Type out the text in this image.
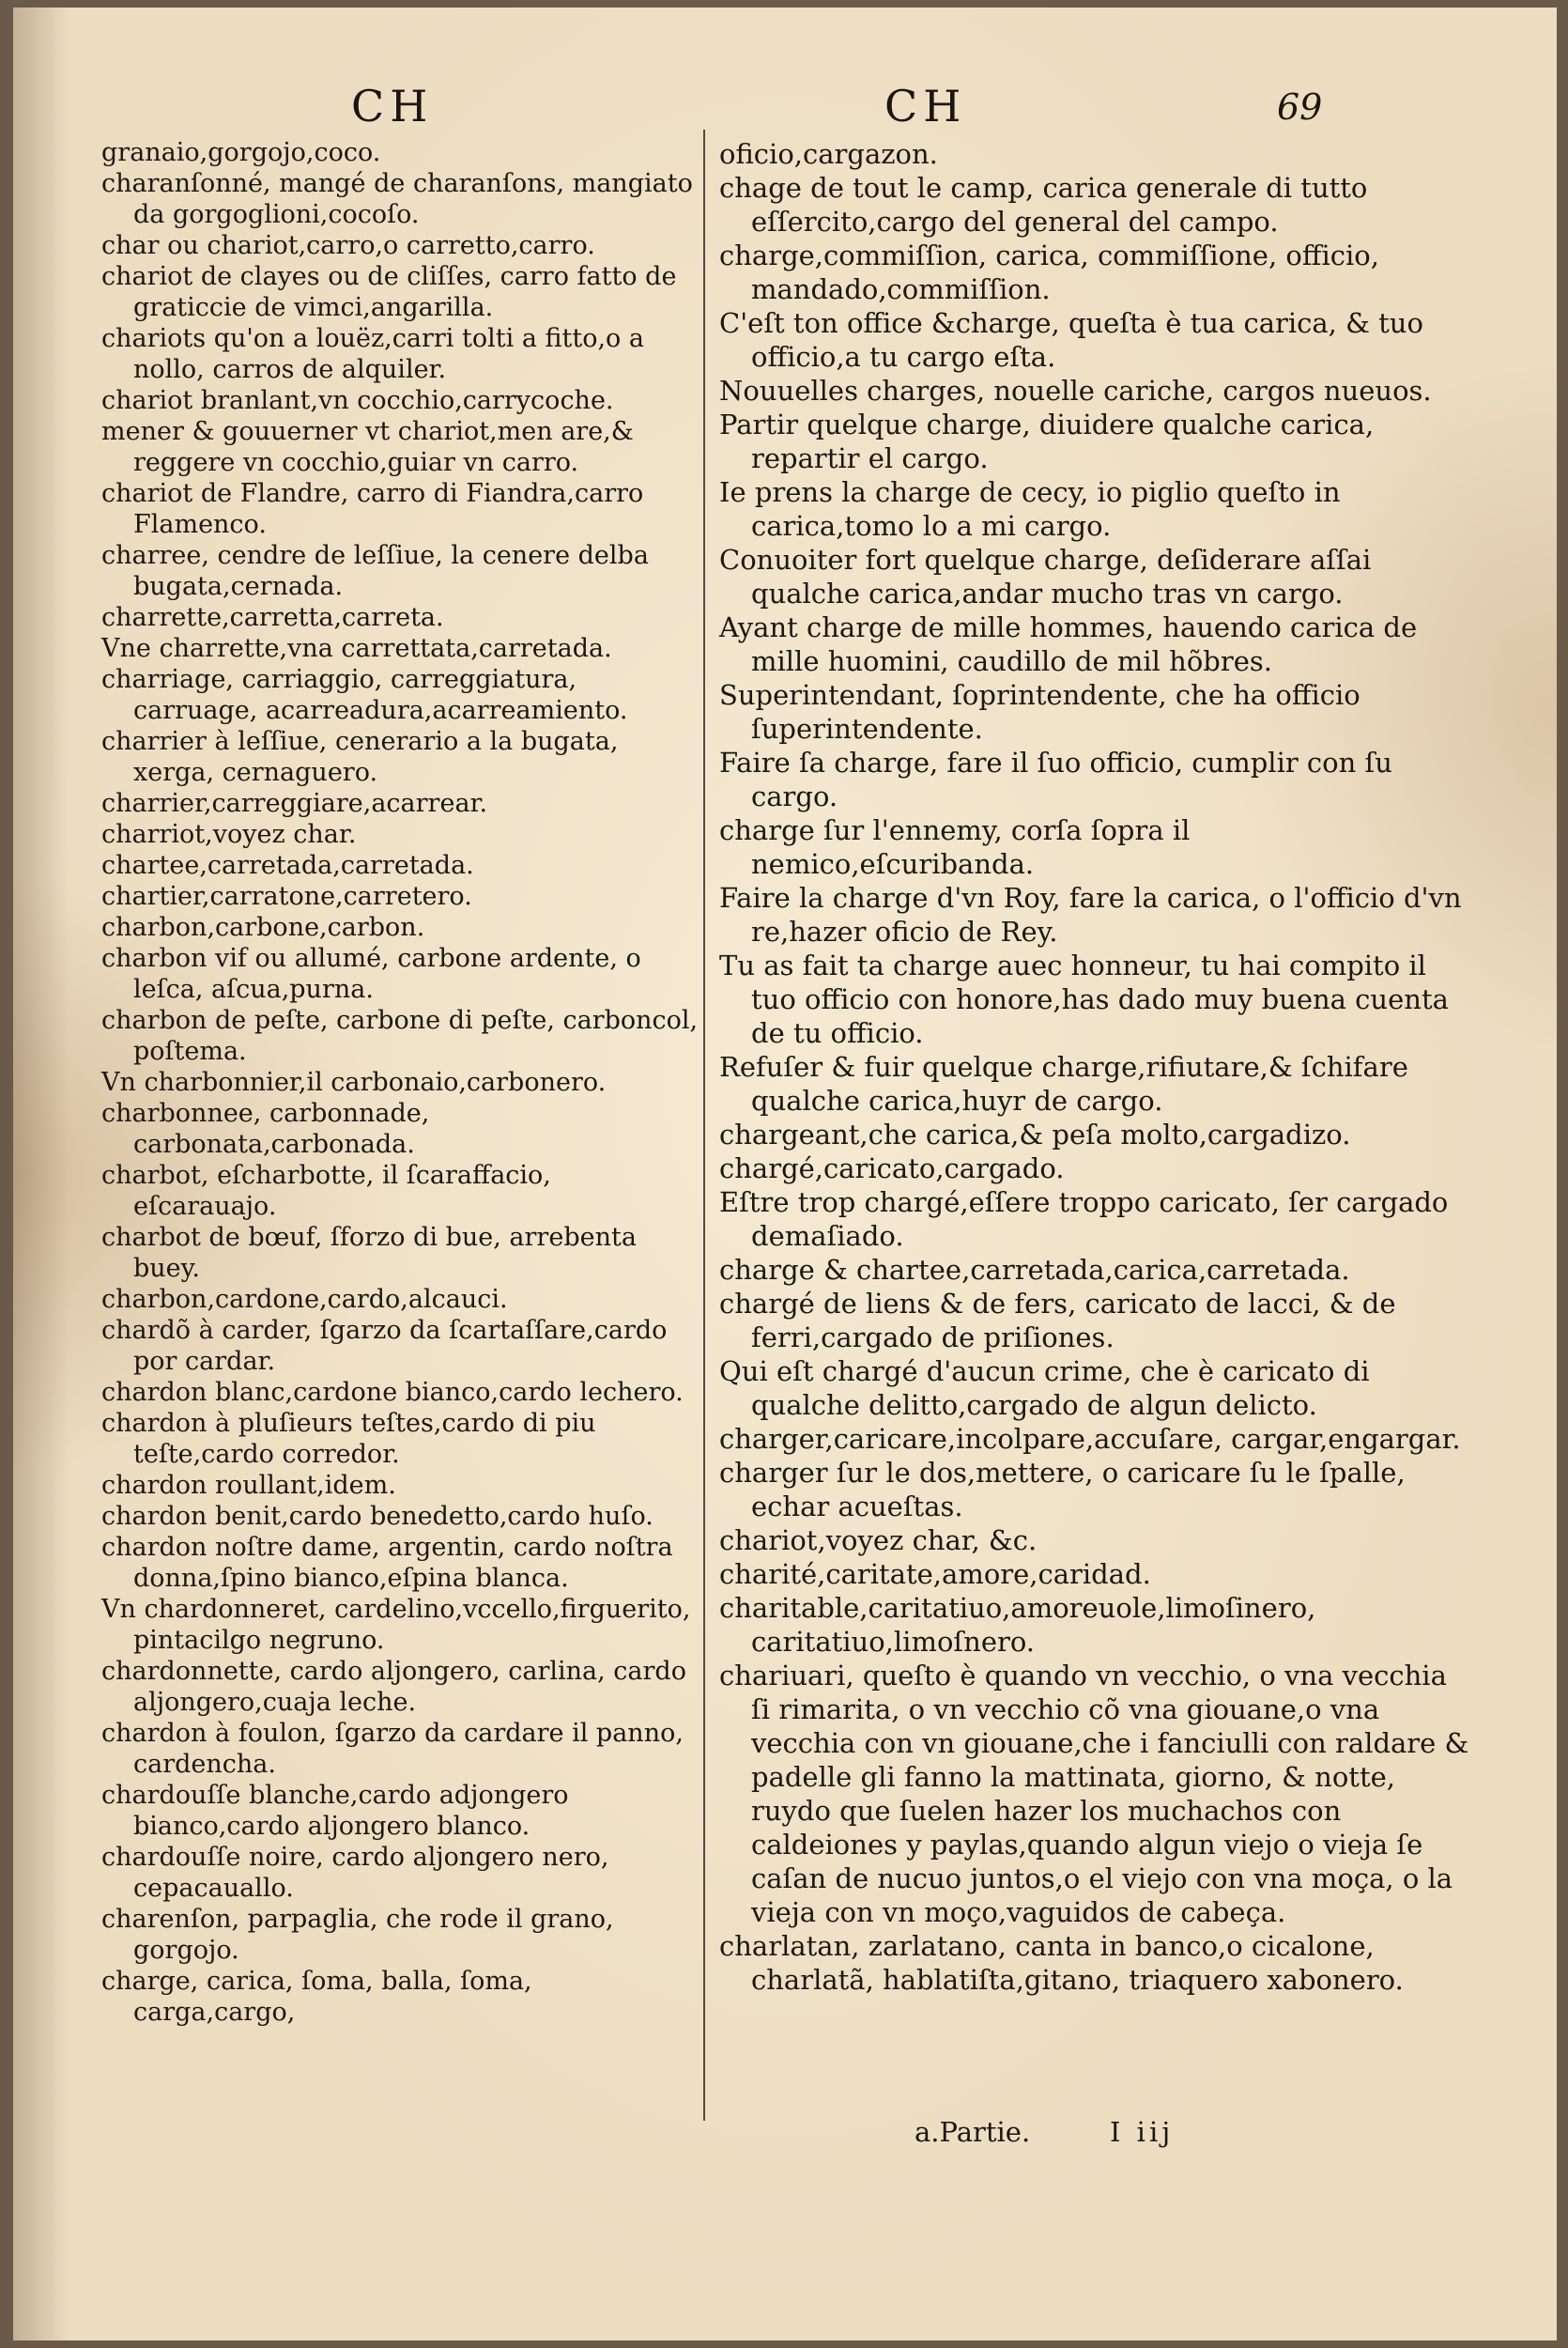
CH	CH	69

granaio,gorgojo,coco.

charanſonné, mangé de charanſons, mangiato da gorgoglioni,cocoſo.

char ou chariot,carro,o carretto,carro.

chariot de clayes ou de cliſſes, carro fatto de graticcie de vimci,angarilla.

chariots qu'on a louëz,carri tolti a fitto,o a nollo, carros de alquiler.

chariot branlant,vn cocchio,carrycoche.

mener & gouuerner vt chariot,men are,& reggere vn cocchio,guiar vn carro.

chariot de Flandre, carro di Fiandra,carro Flamenco.

charree, cendre de leſſiue, la cenere delba bugata,cernada.

charrette,carretta,carreta.

Vne charrette,vna carrettata,carretada.

charriage, carriaggio, carreggiatura, carruage, acarreadura,acarreamiento.

charrier à leſſiue, cenerario a la bugata, xerga, cernaguero.

charrier,carreggiare,acarrear.

charriot,voyez char.

chartee,carretada,carretada.

chartier,carratone,carretero.

charbon,carbone,carbon.

charbon vif ou allumé, carbone ardente, o leſca, aſcua,purna.

charbon de peſte, carbone di peſte, carboncol, poſtema.

Vn charbonnier,il carbonaio,carbonero.

charbonnee, carbonnade, carbonata,carbonada.

charbot, eſcharbotte, il ſcaraffacio, eſcarauajo.

charbot de bœuf, ſforzo di bue, arrebenta buey.

charbon,cardone,cardo,alcauci.

chardõ à carder, ſgarzo da ſcartaſſare,cardo por cardar.

chardon blanc,cardone bianco,cardo lechero.

chardon à pluſieurs teſtes,cardo di piu teſte,cardo corredor.

chardon roullant,idem.

chardon benit,cardo benedetto,cardo huſo.

chardon noſtre dame, argentin, cardo noſtra donna,ſpino bianco,eſpina blanca.

Vn chardonneret, cardelino,vccello,firguerito, pintacilgo negruno.

chardonnette, cardo aljongero, carlina, cardo aljongero,cuaja leche.

chardon à foulon, ſgarzo da cardare il panno, cardencha.

chardouſſe blanche,cardo adjongero bianco,cardo aljongero blanco.

chardouſſe noire, cardo aljongero nero, cepacauallo.

charenſon, parpaglia, che rode il grano, gorgojo.

charge, carica, ſoma, balla, ſoma, carga,cargo,

oficio,cargazon.

chage de tout le camp, carica generale di tutto eſſercito,cargo del general del campo.

charge,commiſſion, carica, commiſſione, officio, mandado,commiſſion.

C'eſt ton office &charge, queſta è tua carica, & tuo officio,a tu cargo eſta.

Nouuelles charges, nouelle cariche, cargos nueuos.

Partir quelque charge, diuidere qualche carica, repartir el cargo.

Ie prens la charge de cecy, io piglio queſto in carica,tomo lo a mi cargo.

Conuoiter fort quelque charge, deſiderare aſſai qualche carica,andar mucho tras vn cargo.

Ayant charge de mille hommes, hauendo carica de mille huomini, caudillo de mil hõbres.

Superintendant, ſoprintendente, che ha officio ſuperintendente.

Faire ſa charge, fare il ſuo officio, cumplir con ſu cargo.

charge ſur l'ennemy, corſa ſopra il nemico,eſcuribanda.

Faire la charge d'vn Roy, fare la carica, o l'officio d'vn re,hazer oficio de Rey.

Tu as fait ta charge auec honneur, tu hai compito il tuo officio con honore,has dado muy buena cuenta de tu officio.

Refuſer & fuir quelque charge,rifiutare,& ſchifare qualche carica,huyr de cargo.

chargeant,che carica,& peſa molto,cargadizo.

chargé,caricato,cargado.

Eſtre trop chargé,eſſere troppo caricato, ſer cargado demaſiado.

charge & chartee,carretada,carica,carretada.

chargé de liens & de fers, caricato de lacci, & de ferri,cargado de priſiones.

Qui eſt chargé d'aucun crime, che è caricato di qualche delitto,cargado de algun delicto.

charger,caricare,incolpare,accuſare, cargar,engargar.

charger ſur le dos,mettere, o caricare ſu le ſpalle, echar acueſtas.

chariot,voyez char, &c.

charité,caritate,amore,caridad.

charitable,caritatiuo,amoreuole,limoſinero, caritatiuo,limoſnero.

chariuari, queſto è quando vn vecchio, o vna vecchia ſi rimarita, o vn vecchio cõ vna giouane,o vna vecchia con vn giouane,che i fanciulli con raldare & padelle gli fanno la mattinata, giorno, & notte, ruydo que ſuelen hazer los muchachos con caldeiones y paylas,quando algun viejo o vieja ſe caſan de nucuo juntos,o el viejo con vna moça, o la vieja con vn moço,vaguidos de cabeça.

charlatan, zarlatano, canta in banco,o cicalone, charlatã, hablatiſta,gitano, triaquero xabonero.

a.Partie.	I iij
